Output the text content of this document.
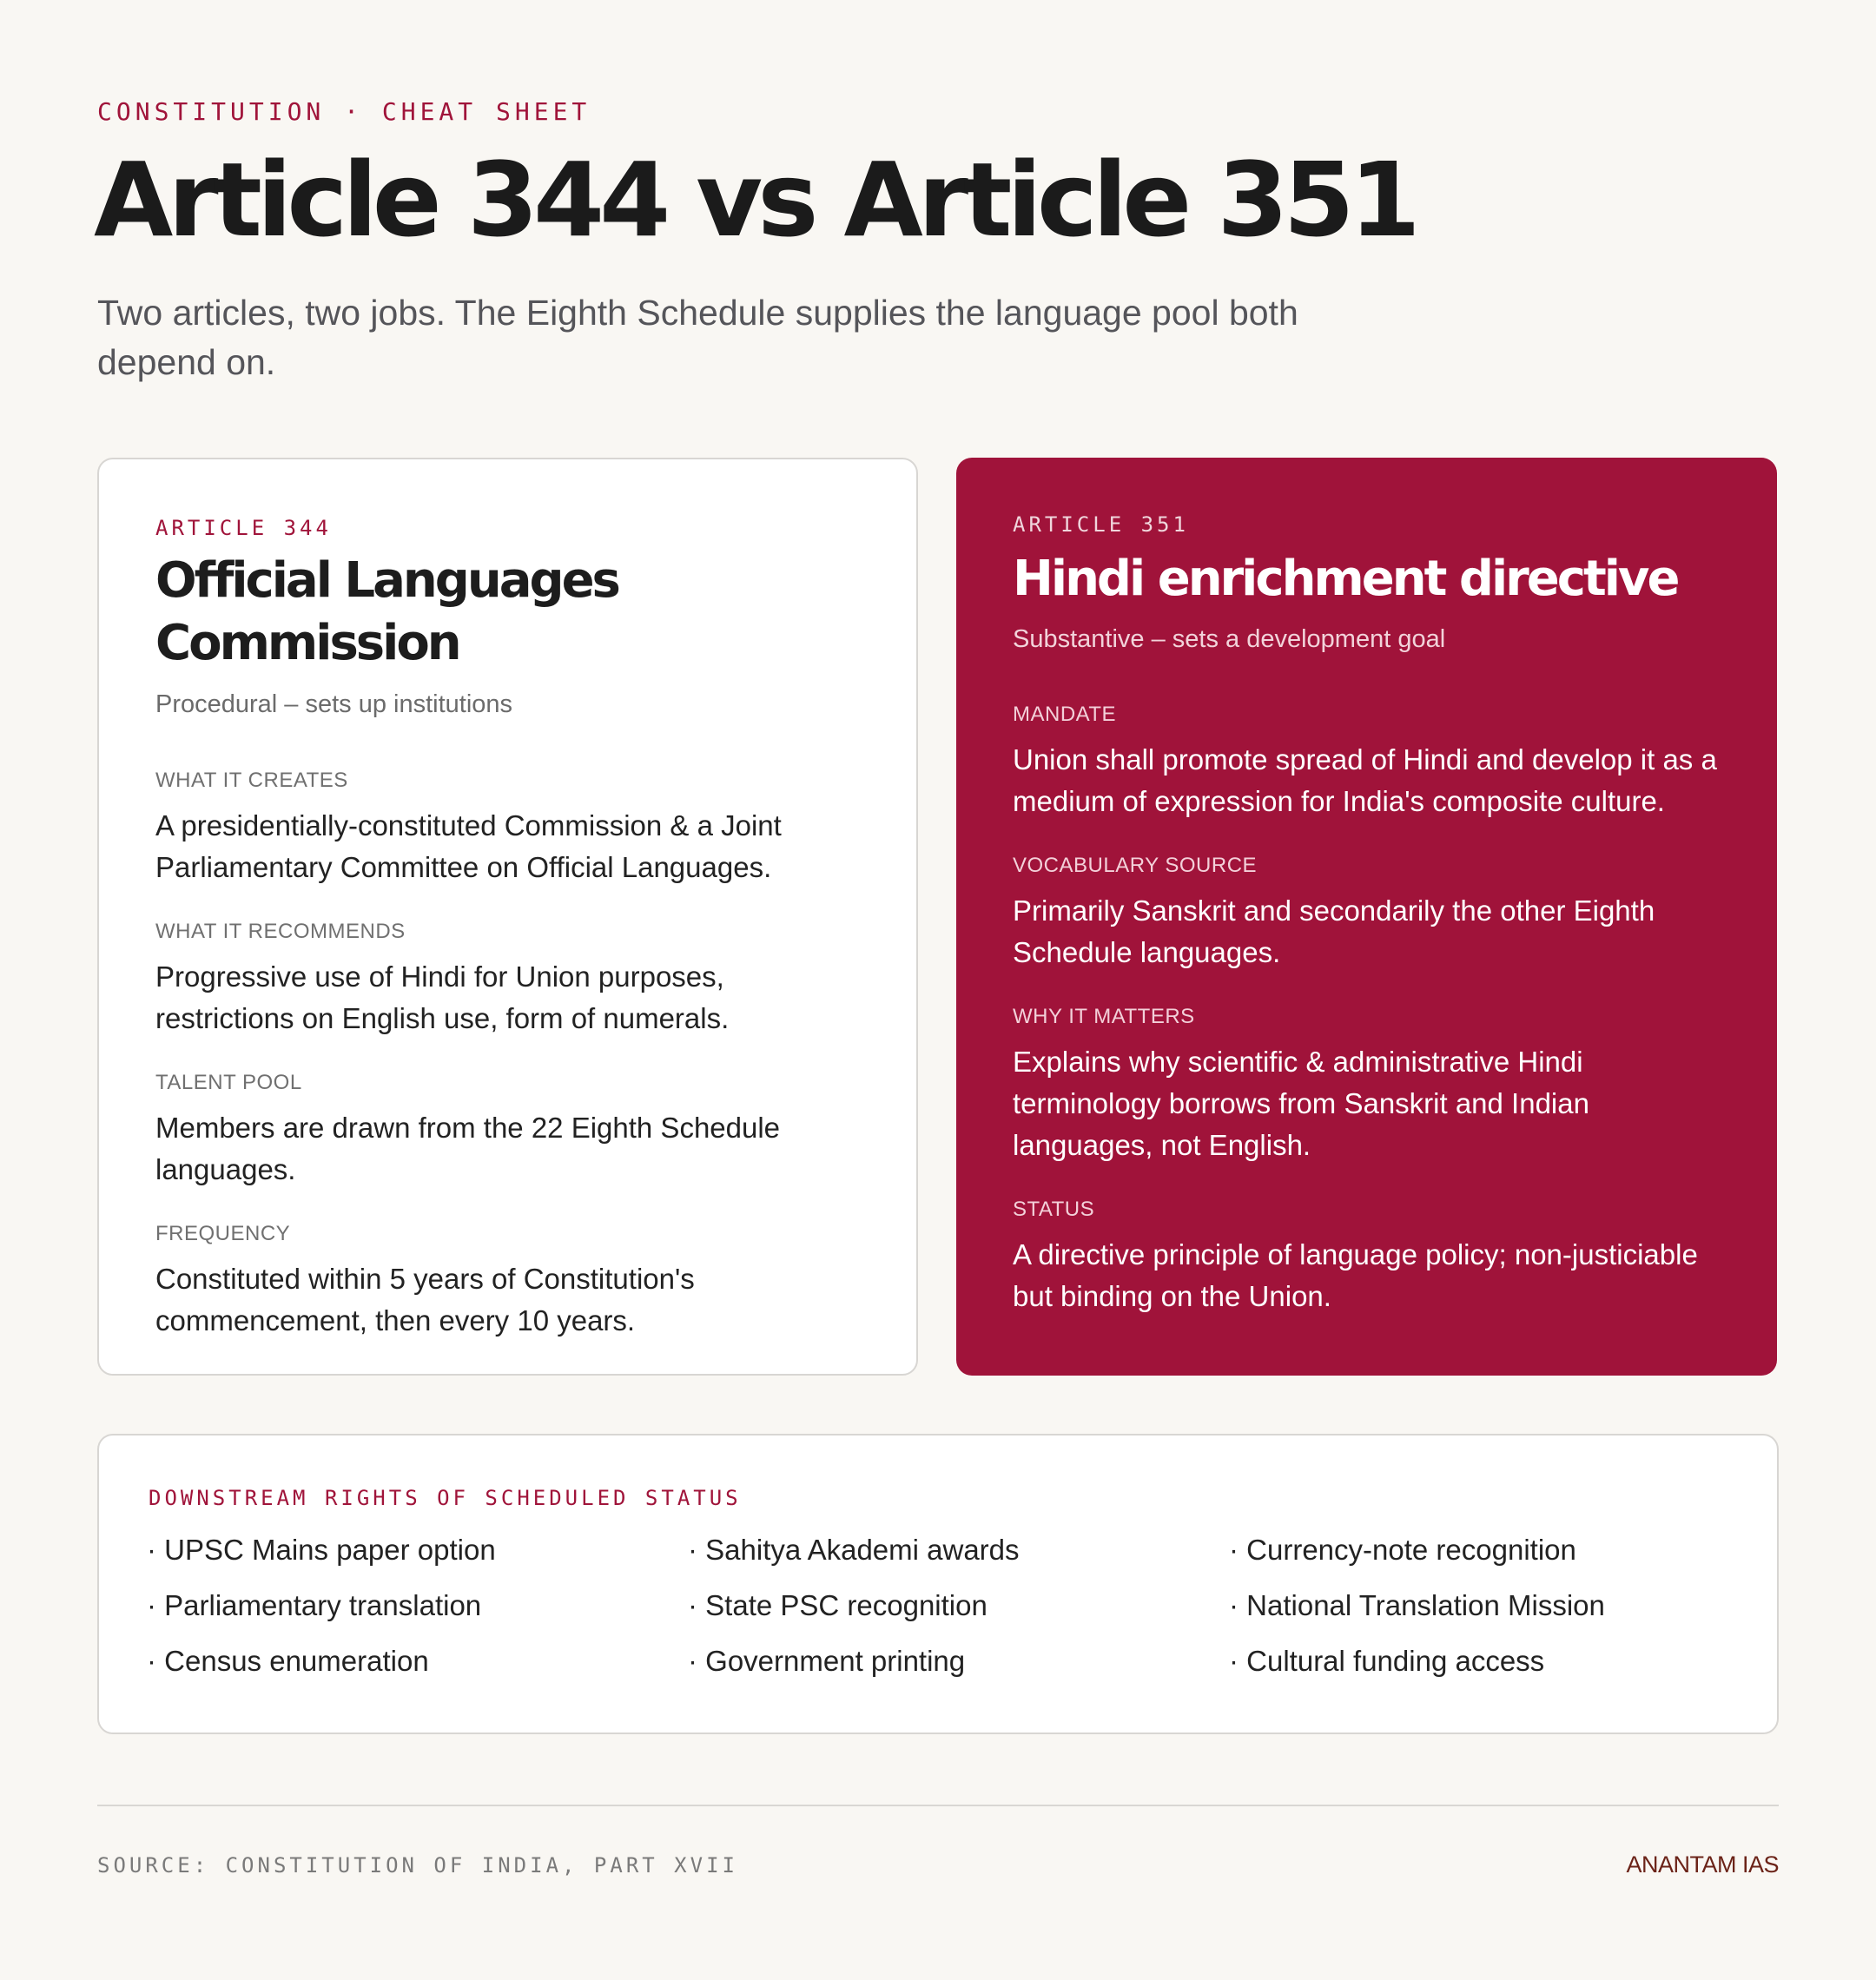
CONSTITUTION · CHEAT SHEET
Article 344 vs Article 351
Two articles, two jobs. The Eighth Schedule supplies the language pool both depend on.
ARTICLE 344
Official Languages Commission
Procedural – sets up institutions
WHAT IT CREATES
A presidentially-constituted Commission & a Joint Parliamentary Committee on Official Languages.
WHAT IT RECOMMENDS
Progressive use of Hindi for Union purposes, restrictions on English use, form of numerals.
TALENT POOL
Members are drawn from the 22 Eighth Schedule languages.
FREQUENCY
Constituted within 5 years of Constitution's commencement, then every 10 years.
ARTICLE 351
Hindi enrichment directive
Substantive – sets a development goal
MANDATE
Union shall promote spread of Hindi and develop it as a medium of expression for India's composite culture.
VOCABULARY SOURCE
Primarily Sanskrit and secondarily the other Eighth Schedule languages.
WHY IT MATTERS
Explains why scientific & administrative Hindi terminology borrows from Sanskrit and Indian languages, not English.
STATUS
A directive principle of language policy; non-justiciable but binding on the Union.
DOWNSTREAM RIGHTS OF SCHEDULED STATUS
· UPSC Mains paper option	· Sahitya Akademi awards	· Currency-note recognition
· Parliamentary translation	· State PSC recognition	· National Translation Mission
· Census enumeration	· Government printing	· Cultural funding access
SOURCE: CONSTITUTION OF INDIA, PART XVII	ANANTAM IAS
